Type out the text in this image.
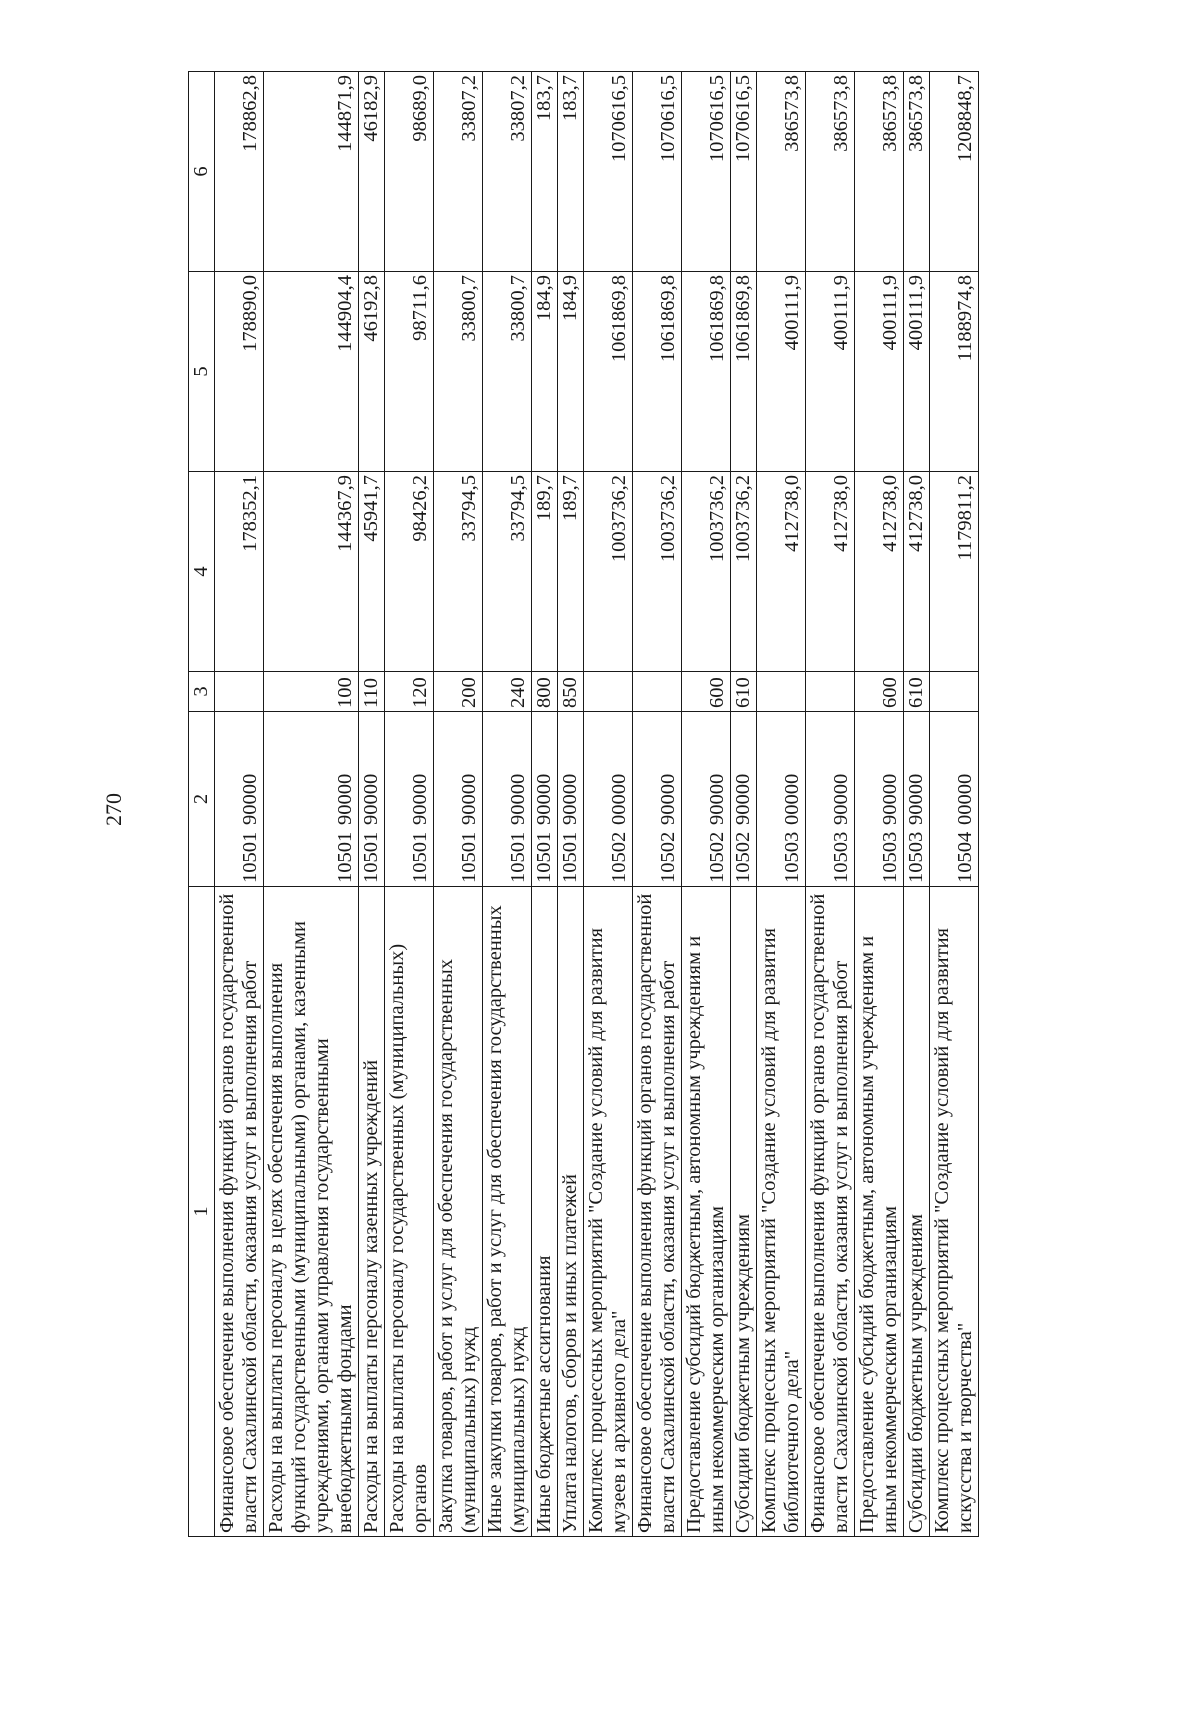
270
1	2	3	4	5	6
Финансовое обеспечение выполнения функций органов государственной власти Сахалинской области, оказания услуг и выполнения работ	1050190000		178352,1	178890,0	178862,8
Расходы на выплаты персоналу в целях обеспечения выполнения функций государственными (муниципальными) органами, казенными учреждениями, органами управления государственными внебюджетными фондами	1050190000	100	144367,9	144904,4	144871,9
Расходы на выплаты персоналу казенных учреждений	1050190000	110	45941,7	46192,8	46182,9
Расходы на выплаты персоналу государственных (муниципальных) органов	1050190000	120	98426,2	98711,6	98689,0
Закупка товаров, работ и услуг для обеспечения государственных (муниципальных) нужд	1050190000	200	33794,5	33800,7	33807,2
Иные закупки товаров, работ и услуг для обеспечения государственных (муниципальных) нужд	1050190000	240	33794,5	33800,7	33807,2
Иные бюджетные ассигнования	1050190000	800	189,7	184,9	183,7
Уплата налогов, сборов и иных платежей	1050190000	850	189,7	184,9	183,7
Комплекс процессных мероприятий "Создание условий для развития музеев и архивного дела"	1050200000		1003736,2	1061869,8	1070616,5
Финансовое обеспечение выполнения функций органов государственной власти Сахалинской области, оказания услуг и выполнения работ	1050290000		1003736,2	1061869,8	1070616,5
Предоставление субсидий бюджетным, автономным учреждениям и иным некоммерческим организациям	1050290000	600	1003736,2	1061869,8	1070616,5
Субсидии бюджетным учреждениям	1050290000	610	1003736,2	1061869,8	1070616,5
Комплекс процессных мероприятий "Создание условий для развития библиотечного дела"	1050300000		412738,0	400111,9	386573,8
Финансовое обеспечение выполнения функций органов государственной власти Сахалинской области, оказания услуг и выполнения работ	1050390000		412738,0	400111,9	386573,8
Предоставление субсидий бюджетным, автономным учреждениям и иным некоммерческим организациям	1050390000	600	412738,0	400111,9	386573,8
Субсидии бюджетным учреждениям	1050390000	610	412738,0	400111,9	386573,8
Комплекс процессных мероприятий "Создание условий для развития искусства и творчества"	1050400000		1179811,2	1188974,8	1208848,7
